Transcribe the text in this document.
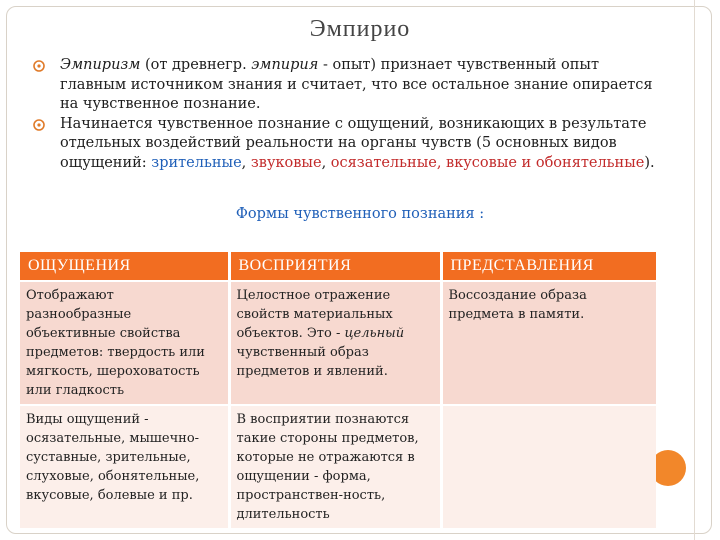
Эмпирио
Эмпиризм (от древнегр. эмпирия - опыт) признает чувственный опыт главным источником знания и считает, что все остальное знание опирается на чувственное познание.
Начинается чувственное познание с ощущений, возникающих в результате отдельных воздействий реальности на органы чувств (5 основных видов ощущений: зрительные, звуковые, осязательные, вкусовые и обонятельные).
Формы чувственного познания :
ОЩУЩЕНИЯ	ВОСПРИЯТИЯ	ПРЕДСТАВЛЕНИЯ
Отображают разнообразные объективные свойства предметов: твердость или мягкость, шероховатость или гладкость	Целостное отражение свойств материальных объектов. Это - цельный чувственный образ предметов и явлений.	Воссоздание образа предмета в памяти.
Виды ощущений - осязательные, мышечно-суставные, зрительные, слуховые, обонятельные, вкусовые, болевые и пр.	В восприятии познаются такие стороны предметов, которые не отражаются в ощущении - форма, пространствен-ность, длительность	
